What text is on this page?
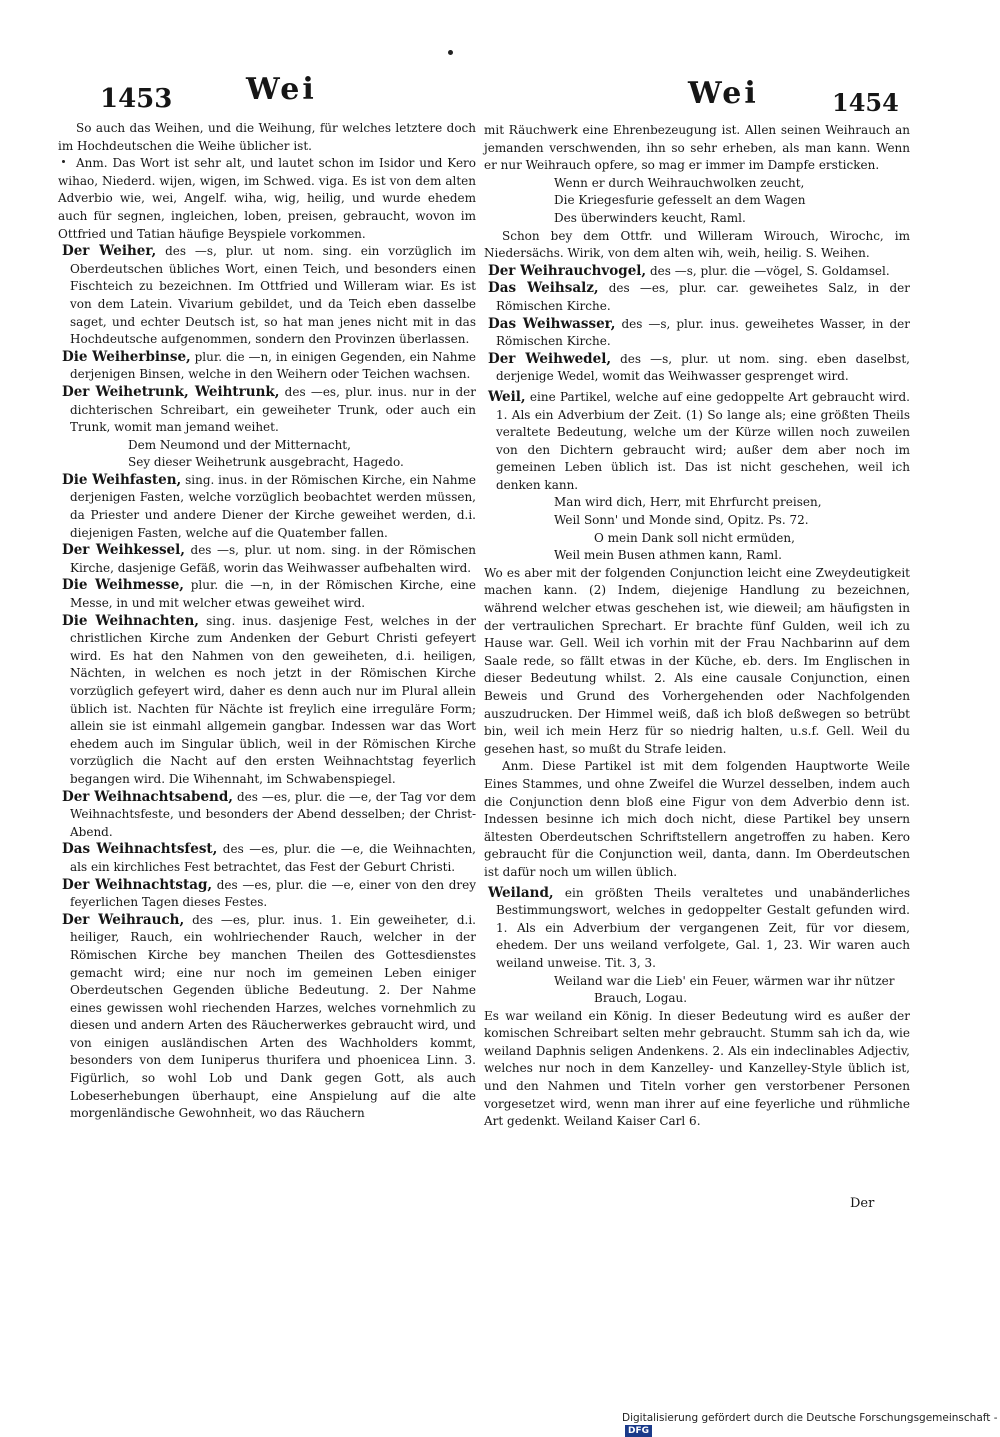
1453 Wei	Wei	1454

So auch das Weihen, und die Weihung, für welches letztere doch im Hochdeutschen die Weihe üblicher ist.

Anm. Das Wort ist sehr alt, und lautet schon im Isidor und Kero wihao, Niederd. wijen, wigen, im Schwed. viga. Es ist von dem alten Adverbio wie, wei, Angelf. wiha, wig, heilig, und wurde ehedem auch für segnen, ingleichen, loben, preisen, gebraucht, wovon im Ottfried und Tatian häufige Beyspiele vorkommen.

Der Weiher, des —s, plur. ut nom. sing. ein vorzüglich im Oberdeutschen übliches Wort, einen Teich, und besonders einen Fischteich zu bezeichnen. Im Ottfried und Willeram wiar. Es ist von dem Latein. Vivarium gebildet, und da Teich eben dasselbe saget, und echter Deutsch ist, so hat man jenes nicht mit in das Hochdeutsche aufgenommen, sondern den Provinzen überlassen.

Die Weiherbinse, plur. die —n, in einigen Gegenden, ein Nahme derjenigen Binsen, welche in den Weihern oder Teichen wachsen.

Der Weihetrunk, Weihtrunk, des —es, plur. inus. nur in der dichterischen Schreibart, ein geweiheter Trunk, oder auch ein Trunk, womit man jemand weihet.

Dem Neumond und der Mitternacht,

Sey dieser Weihetrunk ausgebracht, Hagedo.

Die Weihfasten, sing. inus. in der Römischen Kirche, ein Nahme derjenigen Fasten, welche vorzüglich beobachtet werden müssen, da Priester und andere Diener der Kirche geweihet werden, d.i. diejenigen Fasten, welche auf die Quatember fallen.

Der Weihkessel, des —s, plur. ut nom. sing. in der Römischen Kirche, dasjenige Gefäß, worin das Weihwasser aufbehalten wird.

Die Weihmesse, plur. die —n, in der Römischen Kirche, eine Messe, in und mit welcher etwas geweihet wird.

Die Weihnachten, sing. inus. dasjenige Fest, welches in der christlichen Kirche zum Andenken der Geburt Christi gefeyert wird. Es hat den Nahmen von den geweiheten, d.i. heiligen, Nächten, in welchen es noch jetzt in der Römischen Kirche vorzüglich gefeyert wird, daher es denn auch nur im Plural allein üblich ist. Nachten für Nächte ist freylich eine irreguläre Form; allein sie ist einmahl allgemein gangbar. Indessen war das Wort ehedem auch im Singular üblich, weil in der Römischen Kirche vorzüglich die Nacht auf den ersten Weihnachtstag feyerlich begangen wird. Die Wihennaht, im Schwabenspiegel.

Der Weihnachtsabend, des —es, plur. die —e, der Tag vor dem Weihnachtsfeste, und besonders der Abend desselben; der Christ-Abend.

Das Weihnachtsfest, des —es, plur. die —e, die Weihnachten, als ein kirchliches Fest betrachtet, das Fest der Geburt Christi.

Der Weihnachtstag, des —es, plur. die —e, einer von den drey feyerlichen Tagen dieses Festes.

Der Weihrauch, des —es, plur. inus. 1. Ein geweiheter, d.i. heiliger, Rauch, ein wohlriechender Rauch, welcher in der Römischen Kirche bey manchen Theilen des Gottesdienstes gemacht wird; eine nur noch im gemeinen Leben einiger Oberdeutschen Gegenden übliche Bedeutung. 2. Der Nahme eines gewissen wohl riechenden Harzes, welches vornehmlich zu diesen und andern Arten des Räucherwerkes gebraucht wird, und von einigen ausländischen Arten des Wachholders kommt, besonders von dem Iuniperus thurifera und phoenicea Linn. 3. Figürlich, so wohl Lob und Dank gegen Gott, als auch Lobeserhebungen überhaupt, eine Anspielung auf die alte morgenländische Gewohnheit, wo das Räuchern

mit Räuchwerk eine Ehrenbezeugung ist. Allen seinen Weihrauch an jemanden verschwenden, ihn so sehr erheben, als man kann. Wenn er nur Weihrauch opfere, so mag er immer im Dampfe ersticken.

Wenn er durch Weihrauchwolken zeucht,

Die Kriegesfurie gefesselt an dem Wagen

Des überwinders keucht, Raml.

Schon bey dem Ottfr. und Willeram Wirouch, Wirochc, im Niedersächs. Wirik, von dem alten wih, weih, heilig. S. Weihen.

Der Weihrauchvogel, des —s, plur. die —vögel, S. Goldamsel.

Das Weihsalz, des —es, plur. car. geweihetes Salz, in der Römischen Kirche.

Das Weihwasser, des —s, plur. inus. geweihetes Wasser, in der Römischen Kirche.

Der Weihwedel, des —s, plur. ut nom. sing. eben daselbst, derjenige Wedel, womit das Weihwasser gesprenget wird.

Weil, eine Partikel, welche auf eine gedoppelte Art gebraucht wird. 1. Als ein Adverbium der Zeit. (1) So lange als; eine größten Theils veraltete Bedeutung, welche um der Kürze willen noch zuweilen von den Dichtern gebraucht wird; außer dem aber noch im gemeinen Leben üblich ist. Das ist nicht geschehen, weil ich denken kann.

Man wird dich, Herr, mit Ehrfurcht preisen,

Weil Sonn' und Monde sind, Opitz. Ps. 72.

O mein Dank soll nicht ermüden,

Weil mein Busen athmen kann, Raml.

Wo es aber mit der folgenden Conjunction leicht eine Zweydeutigkeit machen kann. (2) Indem, diejenige Handlung zu bezeichnen, während welcher etwas geschehen ist, wie dieweil; am häufigsten in der vertraulichen Sprechart. Er brachte fünf Gulden, weil ich zu Hause war. Gell. Weil ich vorhin mit der Frau Nachbarinn auf dem Saale rede, so fällt etwas in der Küche, eb. ders. Im Englischen in dieser Bedeutung whilst. 2. Als eine causale Conjunction, einen Beweis und Grund des Vorhergehenden oder Nachfolgenden auszudrucken. Der Himmel weiß, daß ich bloß deßwegen so betrübt bin, weil ich mein Herz für so niedrig halten, u.s.f. Gell. Weil du gesehen hast, so mußt du Strafe leiden.

Anm. Diese Partikel ist mit dem folgenden Hauptworte Weile Eines Stammes, und ohne Zweifel die Wurzel desselben, indem auch die Conjunction denn bloß eine Figur von dem Adverbio denn ist. Indessen besinne ich mich doch nicht, diese Partikel bey unsern ältesten Oberdeutschen Schriftstellern angetroffen zu haben. Kero gebraucht für die Conjunction weil, danta, dann. Im Oberdeutschen ist dafür noch um willen üblich.

Weiland, ein größten Theils veraltetes und unabänderliches Bestimmungswort, welches in gedoppelter Gestalt gefunden wird. 1. Als ein Adverbium der vergangenen Zeit, für vor diesem, ehedem. Der uns weiland verfolgete, Gal. 1, 23. Wir waren auch weiland unweise. Tit. 3, 3.

Weiland war die Lieb' ein Feuer, wärmen war ihr nützer

Brauch, Logau.

Es war weiland ein König. In dieser Bedeutung wird es außer der komischen Schreibart selten mehr gebraucht. Stumm sah ich da, wie weiland Daphnis seligen Andenkens. 2. Als ein indeclinables Adjectiv, welches nur noch in dem Kanzelley- und Kanzelley-Style üblich ist, und den Nahmen und Titeln vorher gen verstorbener Personen vorgesetzet wird, wenn man ihrer auf eine feyerliche und rühmliche Art gedenkt. Weiland Kaiser Carl 6.

Der
Digitalisierung gefördert durch die Deutsche Forschungsgemeinschaft - DFG
